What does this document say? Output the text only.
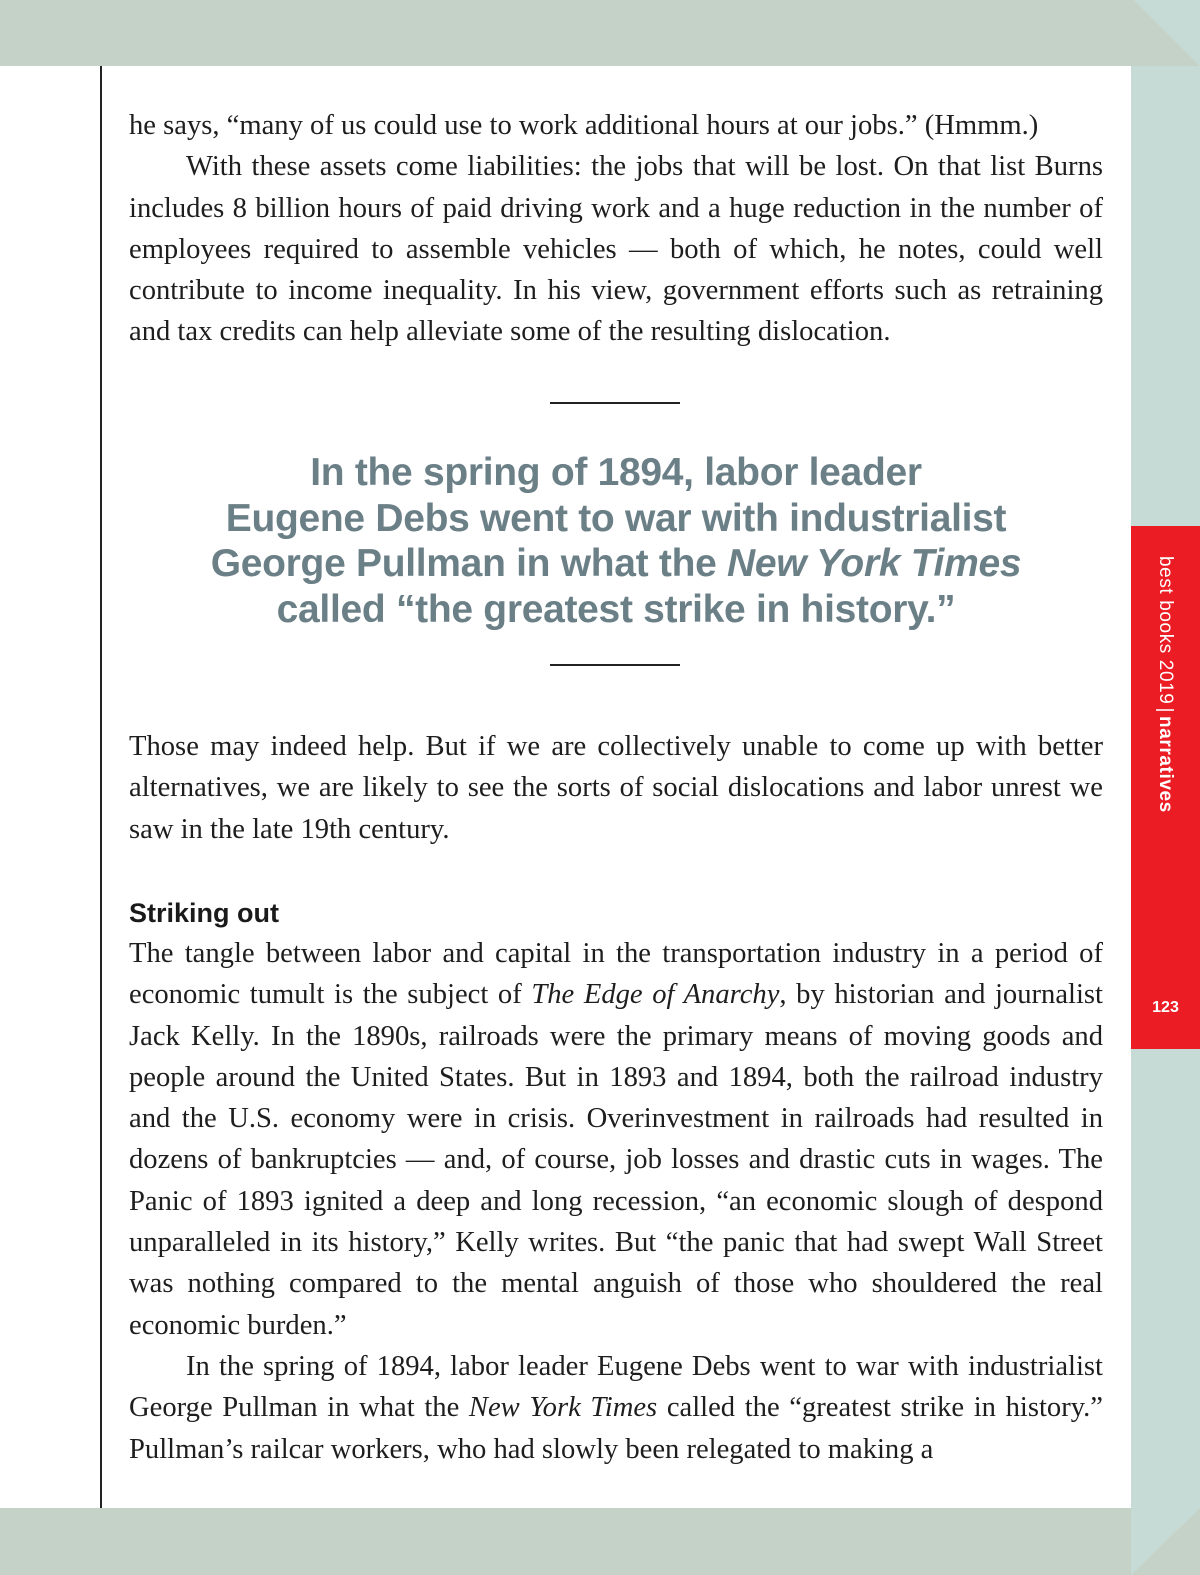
he says, “many of us could use to work additional hours at our jobs.” (Hmmm.)

With these assets come liabilities: the jobs that will be lost. On that list Burns includes 8 billion hours of paid driving work and a huge reduction in the number of employees required to assemble vehicles — both of which, he notes, could well contribute to income inequality. In his view, government efforts such as retraining and tax credits can help alleviate some of the resulting dislocation.

In the spring of 1894, labor leader
Eugene Debs went to war with industrialist
George Pullman in what the New York Times
called “the greatest strike in history.”

Those may indeed help. But if we are collectively unable to come up with better alternatives, we are likely to see the sorts of social dislocations and labor unrest we saw in the late 19th century.

Striking out

The tangle between labor and capital in the transportation industry in a period of economic tumult is the subject of The Edge of Anarchy, by historian and journalist Jack Kelly. In the 1890s, railroads were the primary means of moving goods and people around the United States. But in 1893 and 1894, both the railroad industry and the U.S. economy were in crisis. Overinvestment in railroads had resulted in dozens of bankruptcies — and, of course, job losses and drastic cuts in wages. The Panic of 1893 ignited a deep and long recession, “an economic slough of despond unparalleled in its history,” Kelly writes. But “the panic that had swept Wall Street was nothing compared to the mental anguish of those who shouldered the real economic burden.”

In the spring of 1894, labor leader Eugene Debs went to war with industrialist George Pullman in what the New York Times called the “greatest strike in history.” Pullman’s railcar workers, who had slowly been relegated to making a

best books 2019|narratives
123
